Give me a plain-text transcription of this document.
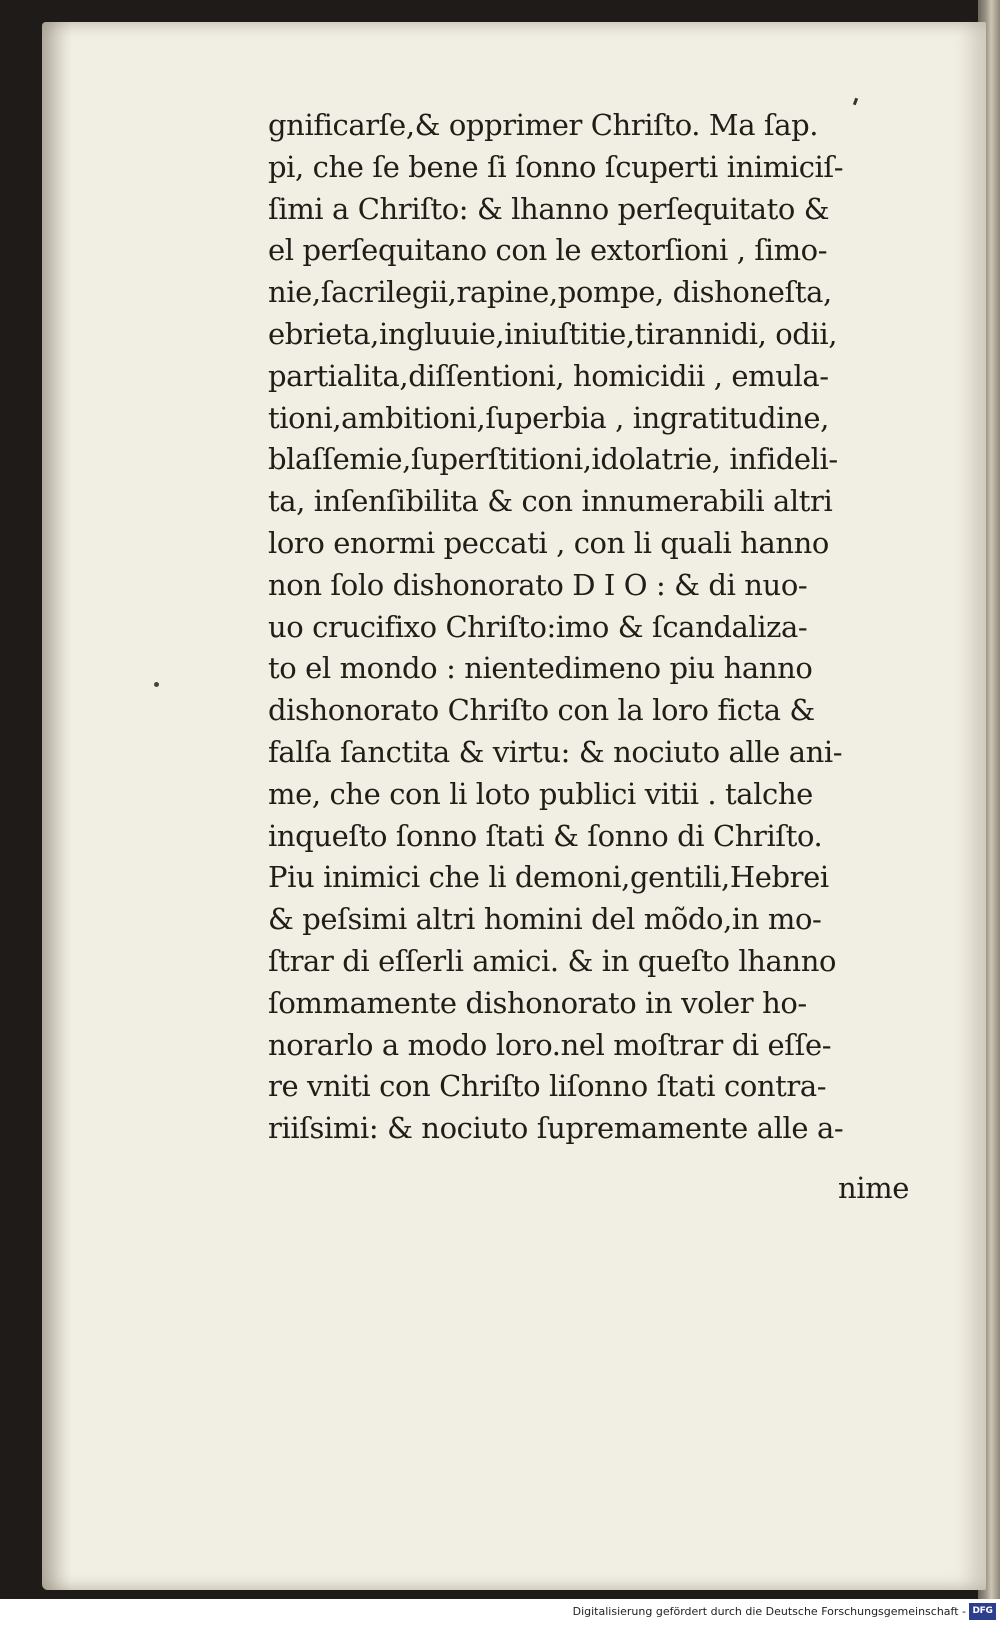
gnificarſe,& opprimer Chriſto. Ma ſap.
pi, che ſe bene ſi ſonno ſcuperti inimiciſ-
ſimi a Chriſto: & lhanno perſequitato &
el perſequitano con le extorſioni , ſimo-
nie,ſacrilegii,rapine,pompe, dishoneſta,
ebrieta,ingluuie,iniuſtitie,tirannidi, odii,
partialita,diſſentioni, homicidii , emula-
tioni,ambitioni,ſuperbia , ingratitudine,
blaſſemie,ſuperſtitioni,idolatrie, infideli-
ta, inſenſibilita & con innumerabili altri
loro enormi peccati , con li quali hanno
non ſolo dishonorato D I O : & di nuo-
uo crucifixo Chriſto:imo & ſcandaliza-
to el mondo : nientedimeno piu hanno
dishonorato Chriſto con la loro ficta &
falſa ſanctita & virtu: & nociuto alle ani-
me, che con li loto publici vitii . talche
inqueſto ſonno ſtati & ſonno di Chriſto.
Piu inimici che li demoni,gentili,Hebrei
& peſsimi altri homini del mõdo,in mo-
ſtrar di eſſerli amici. & in queſto lhanno
ſommamente dishonorato in voler ho-
norarlo a modo loro.nel moſtrar di eſſe-
re vniti con Chriſto liſonno ſtati contra-
riiſsimi: & nociuto ſupremamente alle a-
nime
Digitalisierung gefördert durch die Deutsche Forschungsgemeinschaft - DFG
